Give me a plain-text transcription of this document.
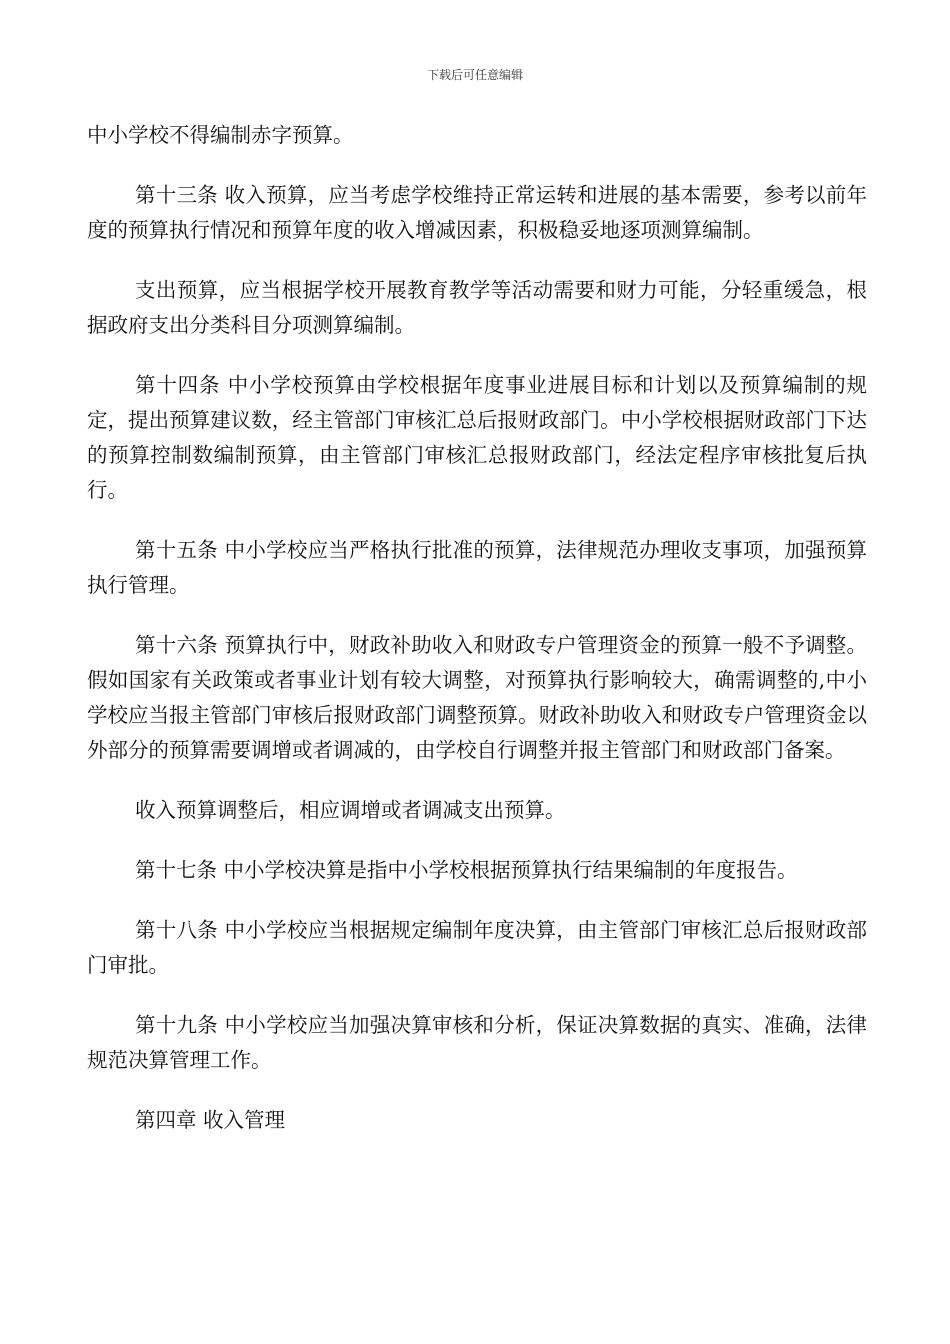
下载后可任意编辑

中小学校不得编制赤字预算。

第十三条 收入预算，应当考虑学校维持正常运转和进展的基本需要，参考以前年度的预算执行情况和预算年度的收入增减因素，积极稳妥地逐项测算编制。

支出预算，应当根据学校开展教育教学等活动需要和财力可能，分轻重缓急，根据政府支出分类科目分项测算编制。

第十四条 中小学校预算由学校根据年度事业进展目标和计划以及预算编制的规定，提出预算建议数，经主管部门审核汇总后报财政部门。中小学校根据财政部门下达的预算控制数编制预算，由主管部门审核汇总报财政部门，经法定程序审核批复后执行。

第十五条 中小学校应当严格执行批准的预算，法律规范办理收支事项，加强预算执行管理。

第十六条 预算执行中，财政补助收入和财政专户管理资金的预算一般不予调整。假如国家有关政策或者事业计划有较大调整，对预算执行影响较大，确需调整的,中小学校应当报主管部门审核后报财政部门调整预算。财政补助收入和财政专户管理资金以外部分的预算需要调增或者调减的，由学校自行调整并报主管部门和财政部门备案。

收入预算调整后，相应调增或者调减支出预算。

第十七条 中小学校决算是指中小学校根据预算执行结果编制的年度报告。

第十八条 中小学校应当根据规定编制年度决算，由主管部门审核汇总后报财政部门审批。

第十九条 中小学校应当加强决算审核和分析，保证决算数据的真实、准确，法律规范决算管理工作。

第四章 收入管理
